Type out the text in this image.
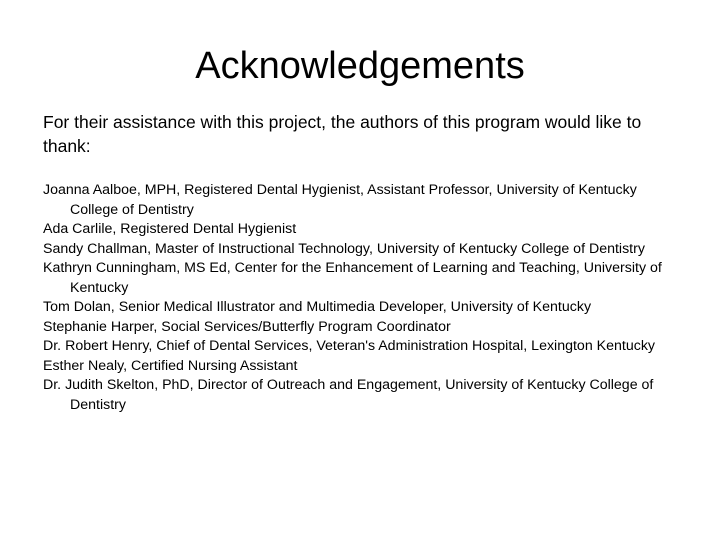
Acknowledgements

For their assistance with this project, the authors of this program would like to thank:

Joanna Aalboe, MPH, Registered Dental Hygienist, Assistant Professor, University of Kentucky College of Dentistry
Ada Carlile, Registered Dental Hygienist
Sandy Challman, Master of Instructional Technology, University of Kentucky College of Dentistry
Kathryn Cunningham, MS Ed, Center for the Enhancement of Learning and Teaching, University of Kentucky
Tom Dolan, Senior Medical Illustrator and Multimedia Developer, University of Kentucky
Stephanie Harper, Social Services/Butterfly Program Coordinator
Dr. Robert Henry, Chief of Dental Services, Veteran's Administration Hospital, Lexington Kentucky
Esther Nealy, Certified Nursing Assistant
Dr. Judith Skelton, PhD, Director of Outreach and Engagement, University of Kentucky College of Dentistry
